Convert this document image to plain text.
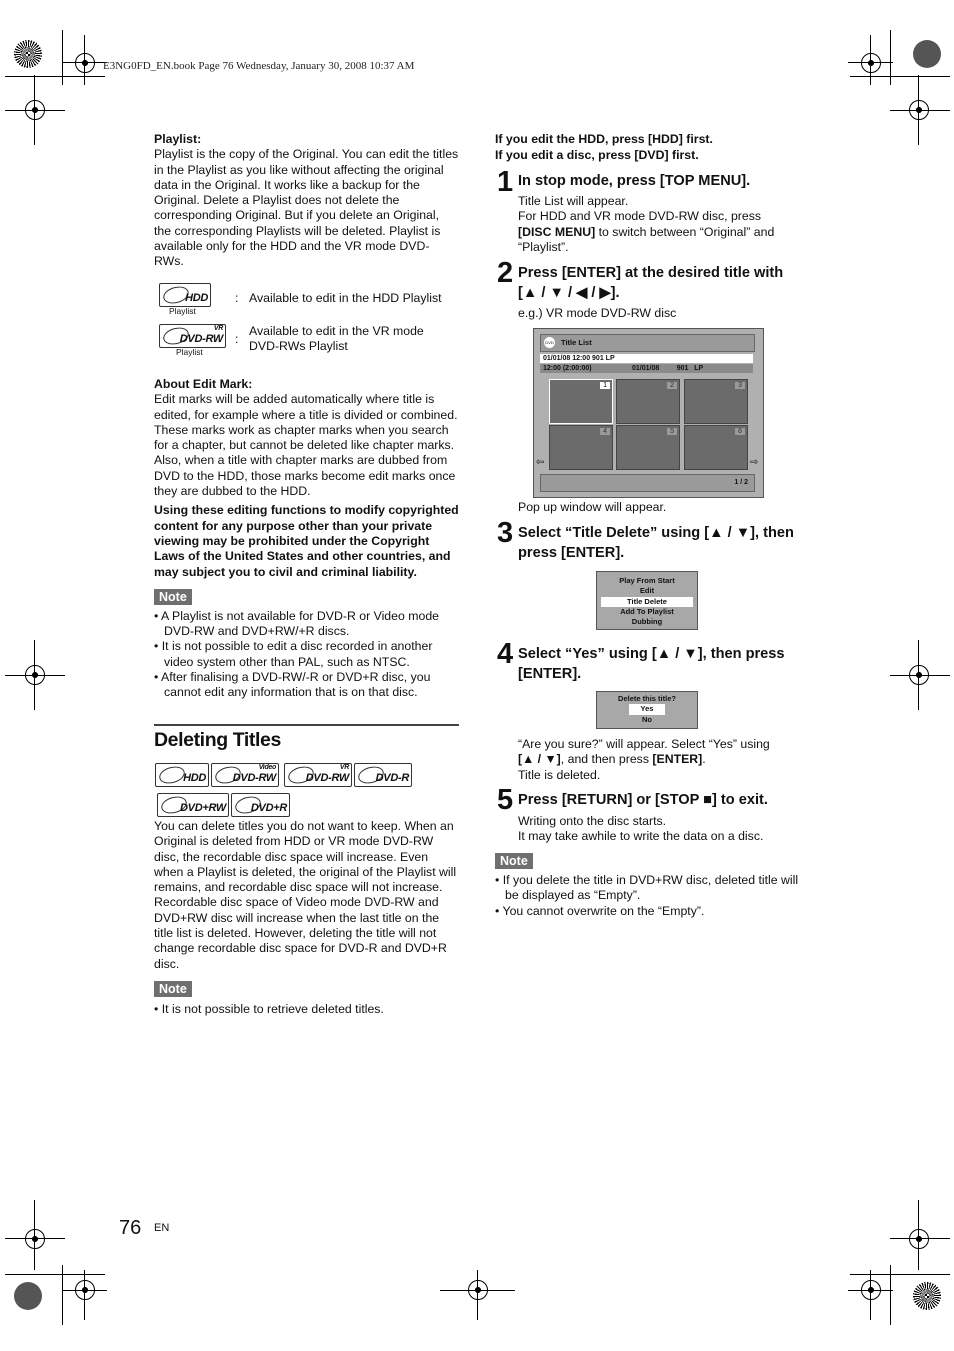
E3NG0FD_EN.book Page 76 Wednesday, January 30, 2008 10:37 AM

Playlist:

Playlist is the copy of the Original. You can edit the titles in the Playlist as you like without affecting the original data in the Original. It works like a backup for the Original. Delete a Playlist does not delete the corresponding Original. But if you delete an Original, the corresponding Playlists will be deleted. Playlist is available only for the HDD and the VR mode DVD-RWs.

HDD
Playlist
: Available to edit in the HDD Playlist
VR
DVD-RW
Playlist
:
Available to edit in the VR mode DVD-RWs Playlist

About Edit Mark:

Edit marks will be added automatically where title is edited, for example where a title is divided or combined. These marks work as chapter marks when you search for a chapter, but cannot be deleted like chapter marks. Also, when a title with chapter marks are dubbed from DVD to the HDD, those marks become edit marks once they are dubbed to the HDD.

Using these editing functions to modify copyrighted content for any purpose other than your private viewing may be prohibited under the Copyright Laws of the United States and other countries, and may subject you to civil and criminal liability.

Note
• A Playlist is not available for DVD-R or Video mode DVD-RW and DVD+RW/+R discs.
• It is not possible to edit a disc recorded in another video system other than PAL, such as NTSC.
• After finalising a DVD-RW/-R or DVD+R disc, you cannot edit any information that is on that disc.
Deleting Titles
HDD
Video
DVD-RW
VR
DVD-RW DVD-R
DVD+RW DVD+R

You can delete titles you do not want to keep. When an Original is deleted from HDD or VR mode DVD-RW disc, the recordable disc space will increase. Even when a Playlist is deleted, the original of the Playlist will remains, and recordable disc space will not increase. Recordable disc space of Video mode DVD-RW and DVD+RW disc will increase when the last title on the title list is deleted. However, deleting the title will not change recordable disc space for DVD-R and DVD+R disc.

Note
• It is not possible to retrieve deleted titles.
If you edit the HDD, press [HDD] first.
If you edit a disc, press [DVD] first.
1 In stop mode, press [TOP MENU].

Title List will appear.

For HDD and VR mode DVD-RW disc, press

[DISC MENU] to switch between “Original” and

“Playlist”.

2 Press [ENTER] at the desired title with [▲ / ▼ / ◀ / ▶].
e.g.) VR mode DVD-RW disc
DVD Title List
01/01/08 12:00 901 LP
12:00 (2:00:00)	01/01/08         901   LP
1	2	3
4	5	6
⇦	⇨
1 / 2
Pop up window will appear.
3 Select “Title Delete” using [▲ / ▼], then press [ENTER].
Play From Start
Edit
Title Delete
Add To Playlist
Dubbing
4 Select “Yes” using [▲ / ▼], then press [ENTER].
Delete this title?
Yes
No

“Are you sure?” will appear. Select “Yes” using

[▲ / ▼], and then press [ENTER].

Title is deleted.

5 Press [RETURN] or [STOP ■] to exit.

Writing onto the disc starts.

It may take awhile to write the data on a disc.

Note
• If you delete the title in DVD+RW disc, deleted title will be displayed as “Empty”.
• You cannot overwrite on the “Empty”.
76 EN
